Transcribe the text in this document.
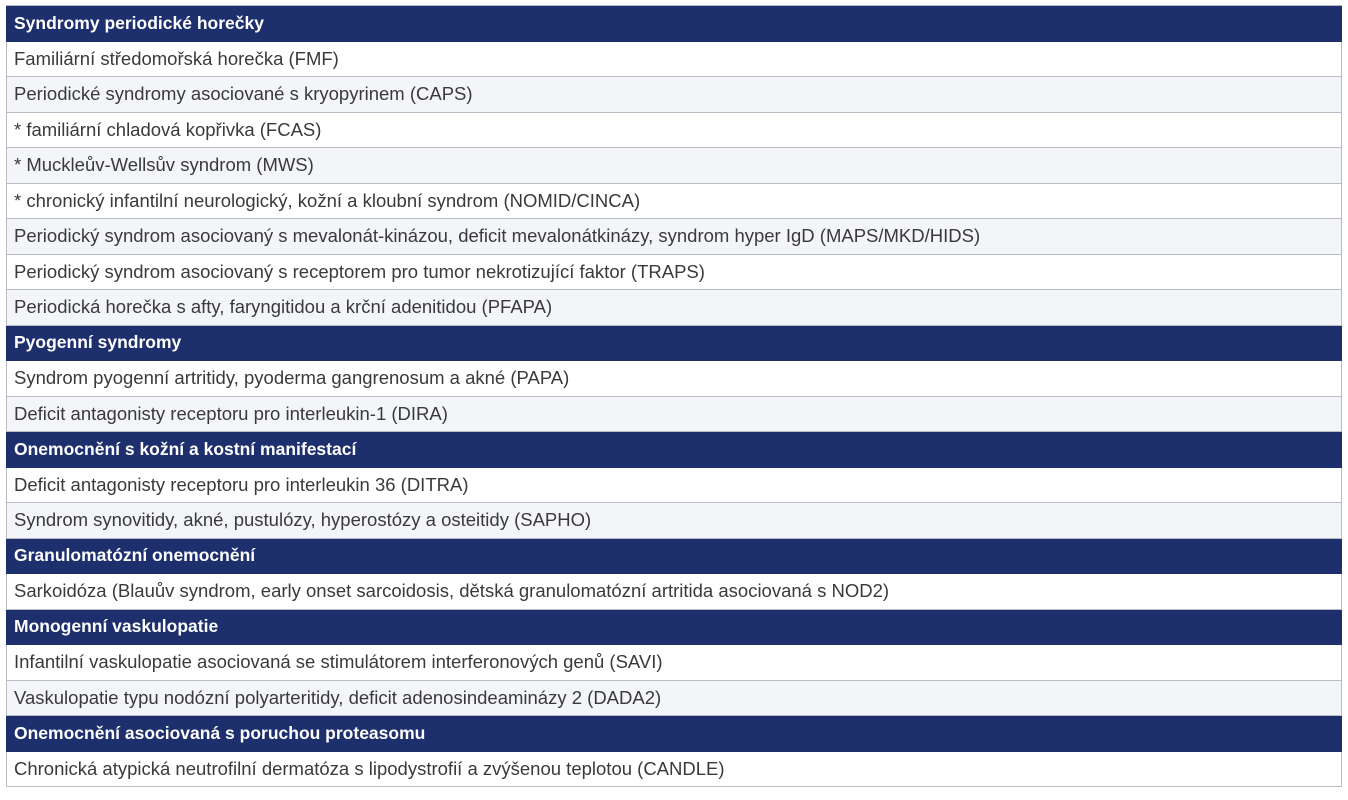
Syndromy periodické horečky
Familiární středomořská horečka (FMF)
Periodické syndromy asociované s kryopyrinem (CAPS)
* familiární chladová kopřivka (FCAS)
* Muckleův-Wellsův syndrom (MWS)
* chronický infantilní neurologický, kožní a kloubní syndrom (NOMID/CINCA)
Periodický syndrom asociovaný s mevalonát-kinázou, deficit mevalonátkinázy, syndrom hyper IgD (MAPS/MKD/HIDS)
Periodický syndrom asociovaný s receptorem pro tumor nekrotizující faktor (TRAPS)
Periodická horečka s afty, faryngitidou a krční adenitidou (PFAPA)
Pyogenní syndromy
Syndrom pyogenní artritidy, pyoderma gangrenosum a akné (PAPA)
Deficit antagonisty receptoru pro interleukin-1 (DIRA)
Onemocnění s kožní a kostní manifestací
Deficit antagonisty receptoru pro interleukin 36 (DITRA)
Syndrom synovitidy, akné, pustulózy, hyperostózy a osteitidy (SAPHO)
Granulomatózní onemocnění
Sarkoidóza (Blauův syndrom, early onset sarcoidosis, dětská granulomatózní artritida asociovaná s NOD2)
Monogenní vaskulopatie
Infantilní vaskulopatie asociovaná se stimulátorem interferonových genů (SAVI)
Vaskulopatie typu nodózní polyarteritidy, deficit adenosindeaminázy 2 (DADA2)
Onemocnění asociovaná s poruchou proteasomu
Chronická atypická neutrofilní dermatóza s lipodystrofií a zvýšenou teplotou (CANDLE)
